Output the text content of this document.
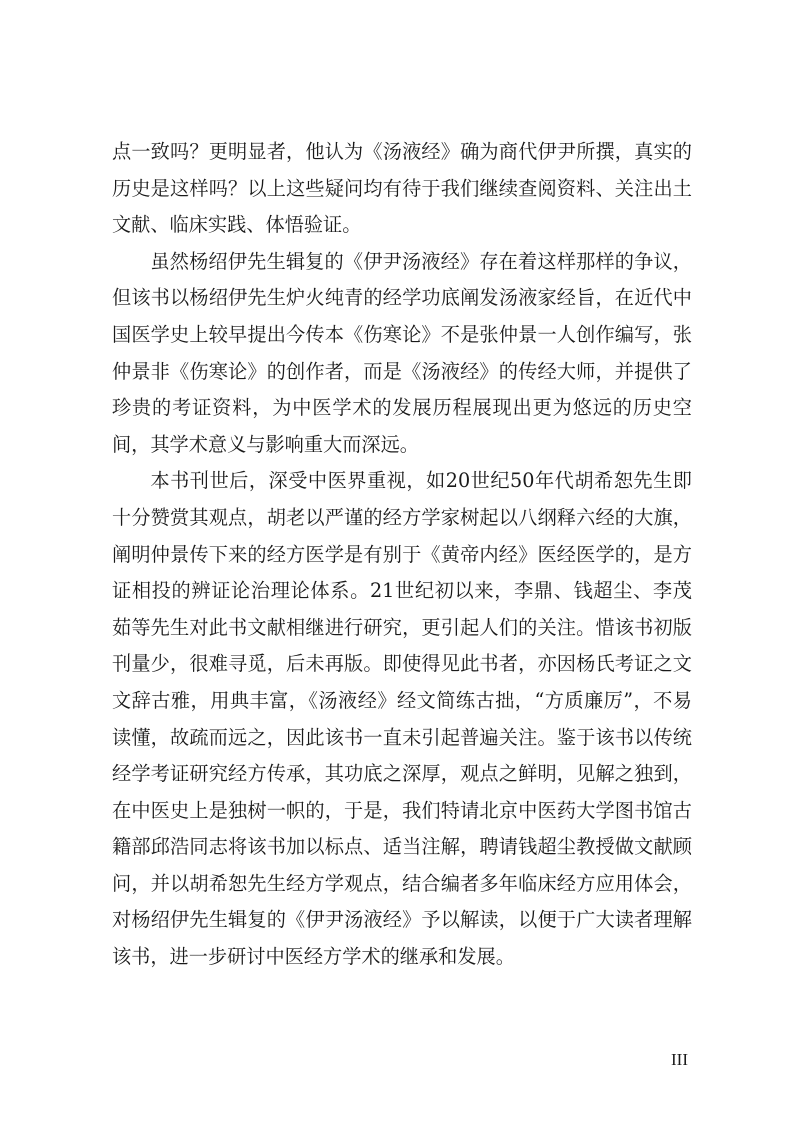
点一致吗？更明显者，他认为《汤液经》确为商代伊尹所撰，真实的历史是这样吗？以上这些疑问均有待于我们继续查阅资料、关注出土文献、临床实践、体悟验证。

虽然杨绍伊先生辑复的《伊尹汤液经》存在着这样那样的争议，但该书以杨绍伊先生炉火纯青的经学功底阐发汤液家经旨，在近代中国医学史上较早提出今传本《伤寒论》不是张仲景一人创作编写，张仲景非《伤寒论》的创作者，而是《汤液经》的传经大师，并提供了珍贵的考证资料，为中医学术的发展历程展现出更为悠远的历史空间，其学术意义与影响重大而深远。

本书刊世后，深受中医界重视，如20世纪50年代胡希恕先生即十分赞赏其观点，胡老以严谨的经方学家树起以八纲释六经的大旗，阐明仲景传下来的经方医学是有别于《黄帝内经》医经医学的，是方证相投的辨证论治理论体系。21世纪初以来，李鼎、钱超尘、李茂茹等先生对此书文献相继进行研究，更引起人们的关注。惜该书初版刊量少，很难寻觅，后未再版。即使得见此书者，亦因杨氏考证之文文辞古雅，用典丰富，《汤液经》经文简练古拙，“方质廉厉”，不易读懂，故疏而远之，因此该书一直未引起普遍关注。鉴于该书以传统经学考证研究经方传承，其功底之深厚，观点之鲜明，见解之独到，在中医史上是独树一帜的，于是，我们特请北京中医药大学图书馆古籍部邱浩同志将该书加以标点、适当注解，聘请钱超尘教授做文献顾问，并以胡希恕先生经方学观点，结合编者多年临床经方应用体会，对杨绍伊先生辑复的《伊尹汤液经》予以解读，以便于广大读者理解该书，进一步研讨中医经方学术的继承和发展。

III
